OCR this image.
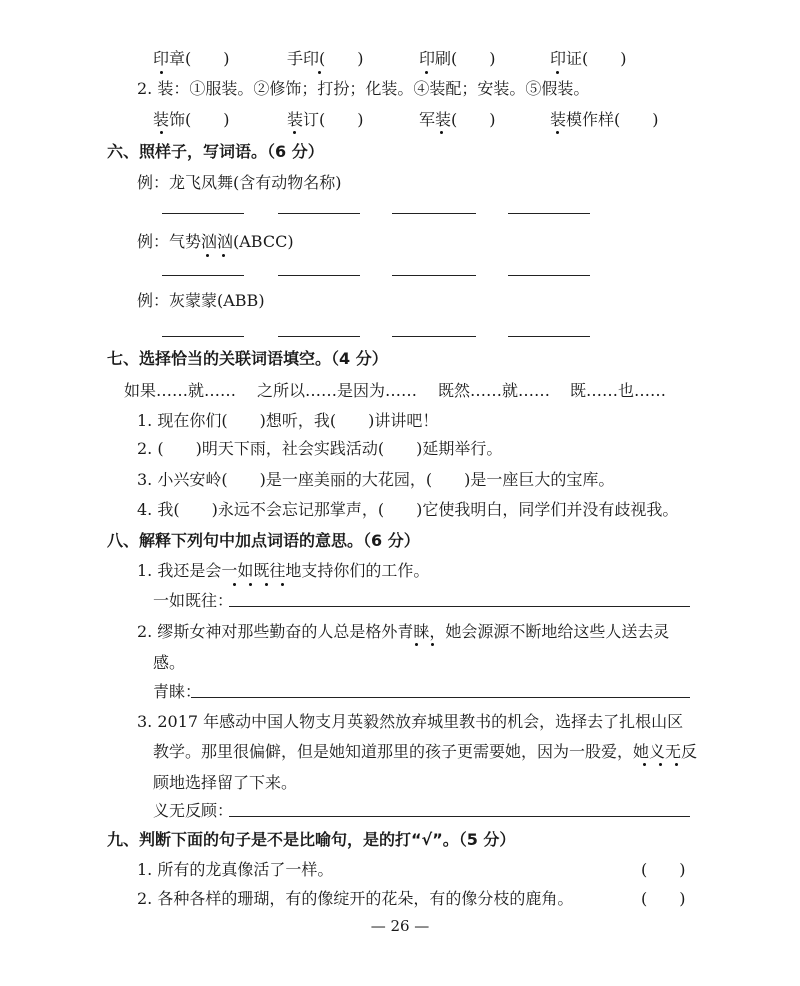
印章(　　)	手印(　　)	印刷(　　)	印证(　　)
2. 装：①服装。②修饰；打扮；化装。④装配；安装。⑤假装。
装饰(　　)	装订(　　)	军装(　　)	装模作样(　　)
六、照样子，写词语。（6 分）
例：龙飞凤舞(含有动物名称)
例：气势汹汹(ABCC)
例：灰蒙蒙(ABB)
七、选择恰当的关联词语填空。（4 分）
如果……就…… 之所以……是因为…… 既然……就…… 既……也……
1. 现在你们(　　)想听，我(　　)讲讲吧！
2. (　　)明天下雨，社会实践活动(　　)延期举行。
3. 小兴安岭(　　)是一座美丽的大花园，(　　)是一座巨大的宝库。
4. 我(　　)永远不会忘记那掌声，(　　)它使我明白，同学们并没有歧视我。
八、解释下列句中加点词语的意思。（6 分）
1. 我还是会一如既往地支持你们的工作。
一如既往：
2. 缪斯女神对那些勤奋的人总是格外青睐，她会源源不断地给这些人送去灵
感。
青睐：
3. 2017 年感动中国人物支月英毅然放弃城里教书的机会，选择去了扎根山区
教学。那里很偏僻，但是她知道那里的孩子更需要她，因为一股爱，她义无反
顾地选择留了下来。
义无反顾：
九、判断下面的句子是不是比喻句，是的打“√”。（5 分）
1. 所有的龙真像活了一样。	(　　)
2. 各种各样的珊瑚，有的像绽开的花朵，有的像分枝的鹿角。	(　　)
— 26 —
